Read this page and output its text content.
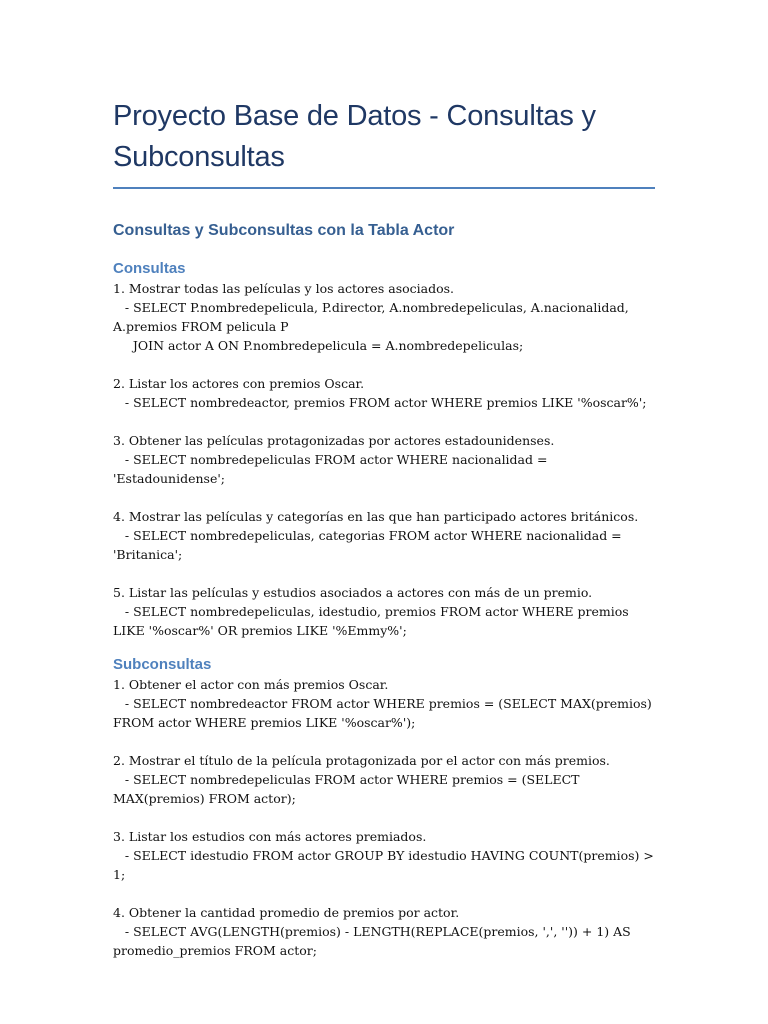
Proyecto Base de Datos - Consultas y Subconsultas
Consultas y Subconsultas con la Tabla Actor
Consultas
1. Mostrar todas las películas y los actores asociados.
- SELECT P.nombredepelicula, P.director, A.nombredepeliculas, A.nacionalidad, A.premios FROM pelicula P
JOIN actor A ON P.nombredepelicula = A.nombredepeliculas;
2. Listar los actores con premios Oscar.
- SELECT nombredeactor, premios FROM actor WHERE premios LIKE '%oscar%';
3. Obtener las películas protagonizadas por actores estadounidenses.
- SELECT nombredepeliculas FROM actor WHERE nacionalidad = 'Estadounidense';
4. Mostrar las películas y categorías en las que han participado actores británicos.
- SELECT nombredepeliculas, categorias FROM actor WHERE nacionalidad = 'Britanica';
5. Listar las películas y estudios asociados a actores con más de un premio.
- SELECT nombredepeliculas, idestudio, premios FROM actor WHERE premios LIKE '%oscar%' OR premios LIKE '%Emmy%';
Subconsultas
1. Obtener el actor con más premios Oscar.
- SELECT nombredeactor FROM actor WHERE premios = (SELECT MAX(premios) FROM actor WHERE premios LIKE '%oscar%');
2. Mostrar el título de la película protagonizada por el actor con más premios.
- SELECT nombredepeliculas FROM actor WHERE premios = (SELECT MAX(premios) FROM actor);
3. Listar los estudios con más actores premiados.
- SELECT idestudio FROM actor GROUP BY idestudio HAVING COUNT(premios) > 1;
4. Obtener la cantidad promedio de premios por actor.
- SELECT AVG(LENGTH(premios) - LENGTH(REPLACE(premios, ',', '')) + 1) AS promedio_premios FROM actor;
